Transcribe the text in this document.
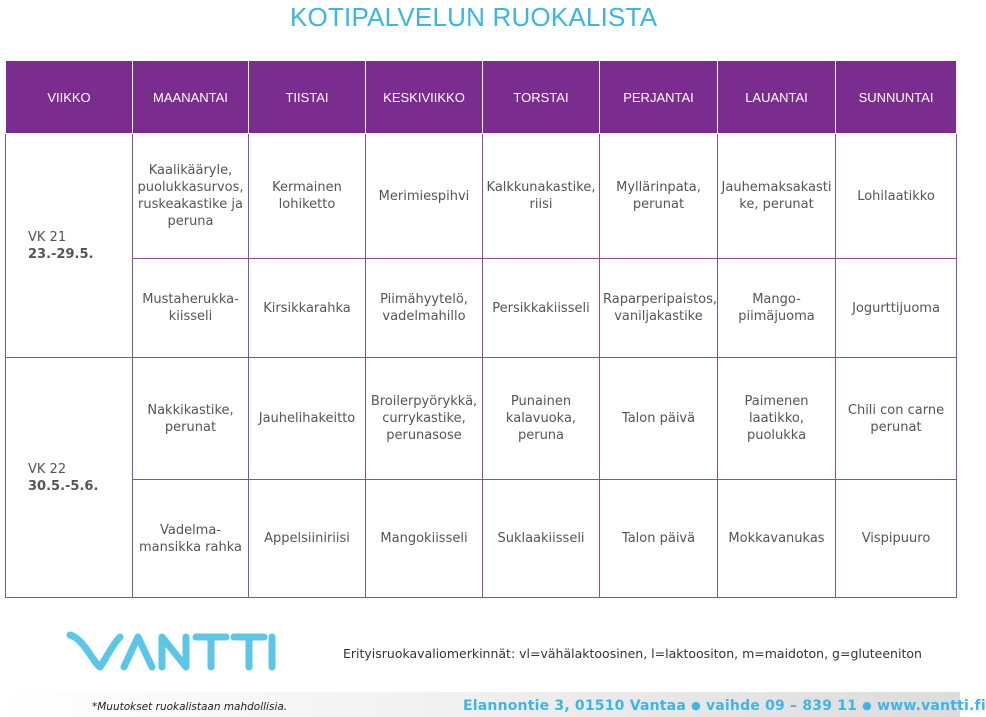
KOTIPALVELUN RUOKALISTA
VIIKKO	MAANANTAI	TIISTAI	KESKIVIIKKO	TORSTAI	PERJANTAI	LAUANTAI	SUNNUNTAI

VK 21
23.-29.5.	Kaalikääryle, puolukkasurvos, ruskeakastike ja peruna	Kermainen lohiketto	Merimiespihvi	Kalkkunakastike, riisi	Myllärinpata, perunat	Jauhemaksakasti ke, perunat	Lohilaatikko
	Mustaherukka-kiisseli	Kirsikkarahka	Piimähyytelö, vadelmahillo	Persikkakiisseli	Raparperipaistos, vaniljakastike	Mango-piimäjuoma	Jogurttijuoma

VK 22
30.5.-5.6.	Nakkikastike, perunat	Jauhelihakeitto	Broilerpyörykkä, currykastike, perunasose	Punainen kalavuoka, peruna	Talon päivä	Paimenen laatikko, puolukka	Chili con carne perunat
	Vadelma-mansikka rahka	Appelsiiniriisi	Mangokiisseli	Suklaakiisseli	Talon päivä	Mokkavanukas	Vispipuuro
Erityisruokavaliomerkinnät: vl=vähälaktoosinen, l=laktoositon, m=maidoton, g=gluteeniton
*Muutokset ruokalistaan mahdollisia.	Elannontie 3, 01510 Vantaa ● vaihde 09 – 839 11 ● www.vantti.fi
